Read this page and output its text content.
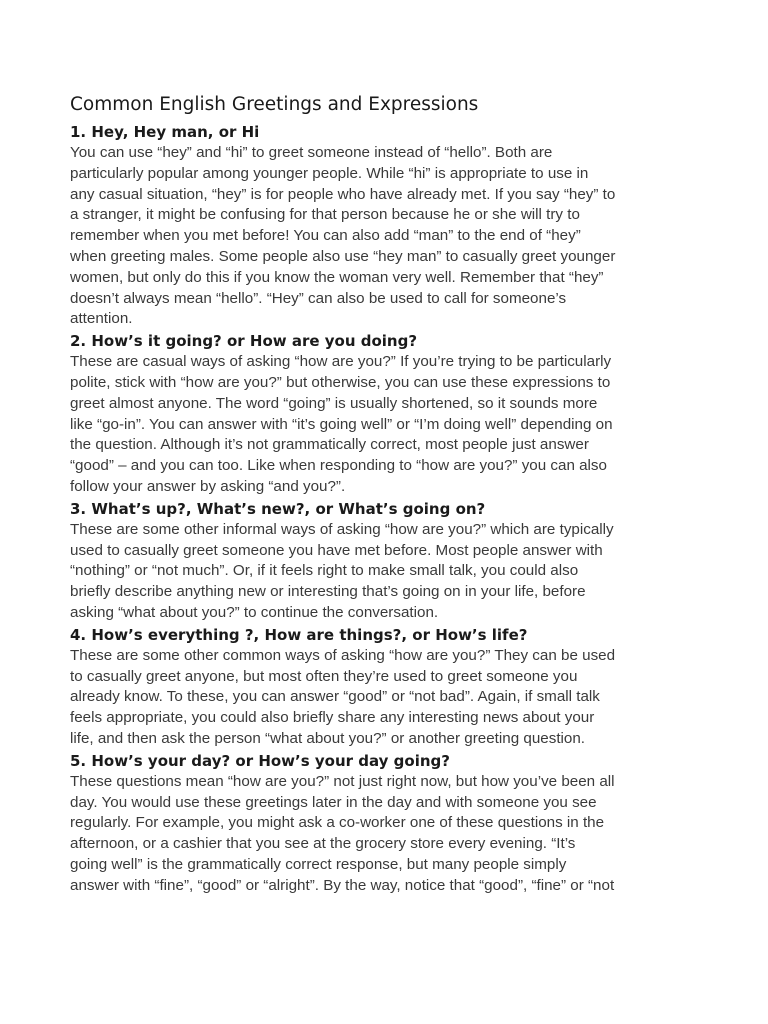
Common English Greetings and Expressions
1. Hey, Hey man, or Hi

You can use “hey” and “hi” to greet someone instead of “hello”. Both are
particularly popular among younger people. While “hi” is appropriate to use in
any casual situation, “hey” is for people who have already met. If you say “hey” to
a stranger, it might be confusing for that person because he or she will try to
remember when you met before! You can also add “man” to the end of “hey”
when greeting males. Some people also use “hey man” to casually greet younger
women, but only do this if you know the woman very well. Remember that “hey”
doesn’t always mean “hello”. “Hey” can also be used to call for someone’s
attention.

2. How’s it going? or How are you doing?

These are casual ways of asking “how are you?” If you’re trying to be particularly
polite, stick with “how are you?” but otherwise, you can use these expressions to
greet almost anyone. The word “going” is usually shortened, so it sounds more
like “go-in”. You can answer with “it’s going well” or “I’m doing well” depending on
the question. Although it’s not grammatically correct, most people just answer
“good” – and you can too. Like when responding to “how are you?” you can also
follow your answer by asking “and you?”.

3. What’s up?, What’s new?, or What’s going on?

These are some other informal ways of asking “how are you?” which are typically
used to casually greet someone you have met before. Most people answer with
“nothing” or “not much”. Or, if it feels right to make small talk, you could also
briefly describe anything new or interesting that’s going on in your life, before
asking “what about you?” to continue the conversation.

4. How’s everything ?, How are things?, or How’s life?

These are some other common ways of asking “how are you?” They can be used
to casually greet anyone, but most often they’re used to greet someone you
already know. To these, you can answer “good” or “not bad”. Again, if small talk
feels appropriate, you could also briefly share any interesting news about your
life, and then ask the person “what about you?” or another greeting question.

5. How’s your day? or How’s your day going?

These questions mean “how are you?” not just right now, but how you’ve been all
day. You would use these greetings later in the day and with someone you see
regularly. For example, you might ask a co-worker one of these questions in the
afternoon, or a cashier that you see at the grocery store every evening. “It’s
going well” is the grammatically correct response, but many people simply
answer with “fine”, “good” or “alright”. By the way, notice that “good”, “fine” or “not
